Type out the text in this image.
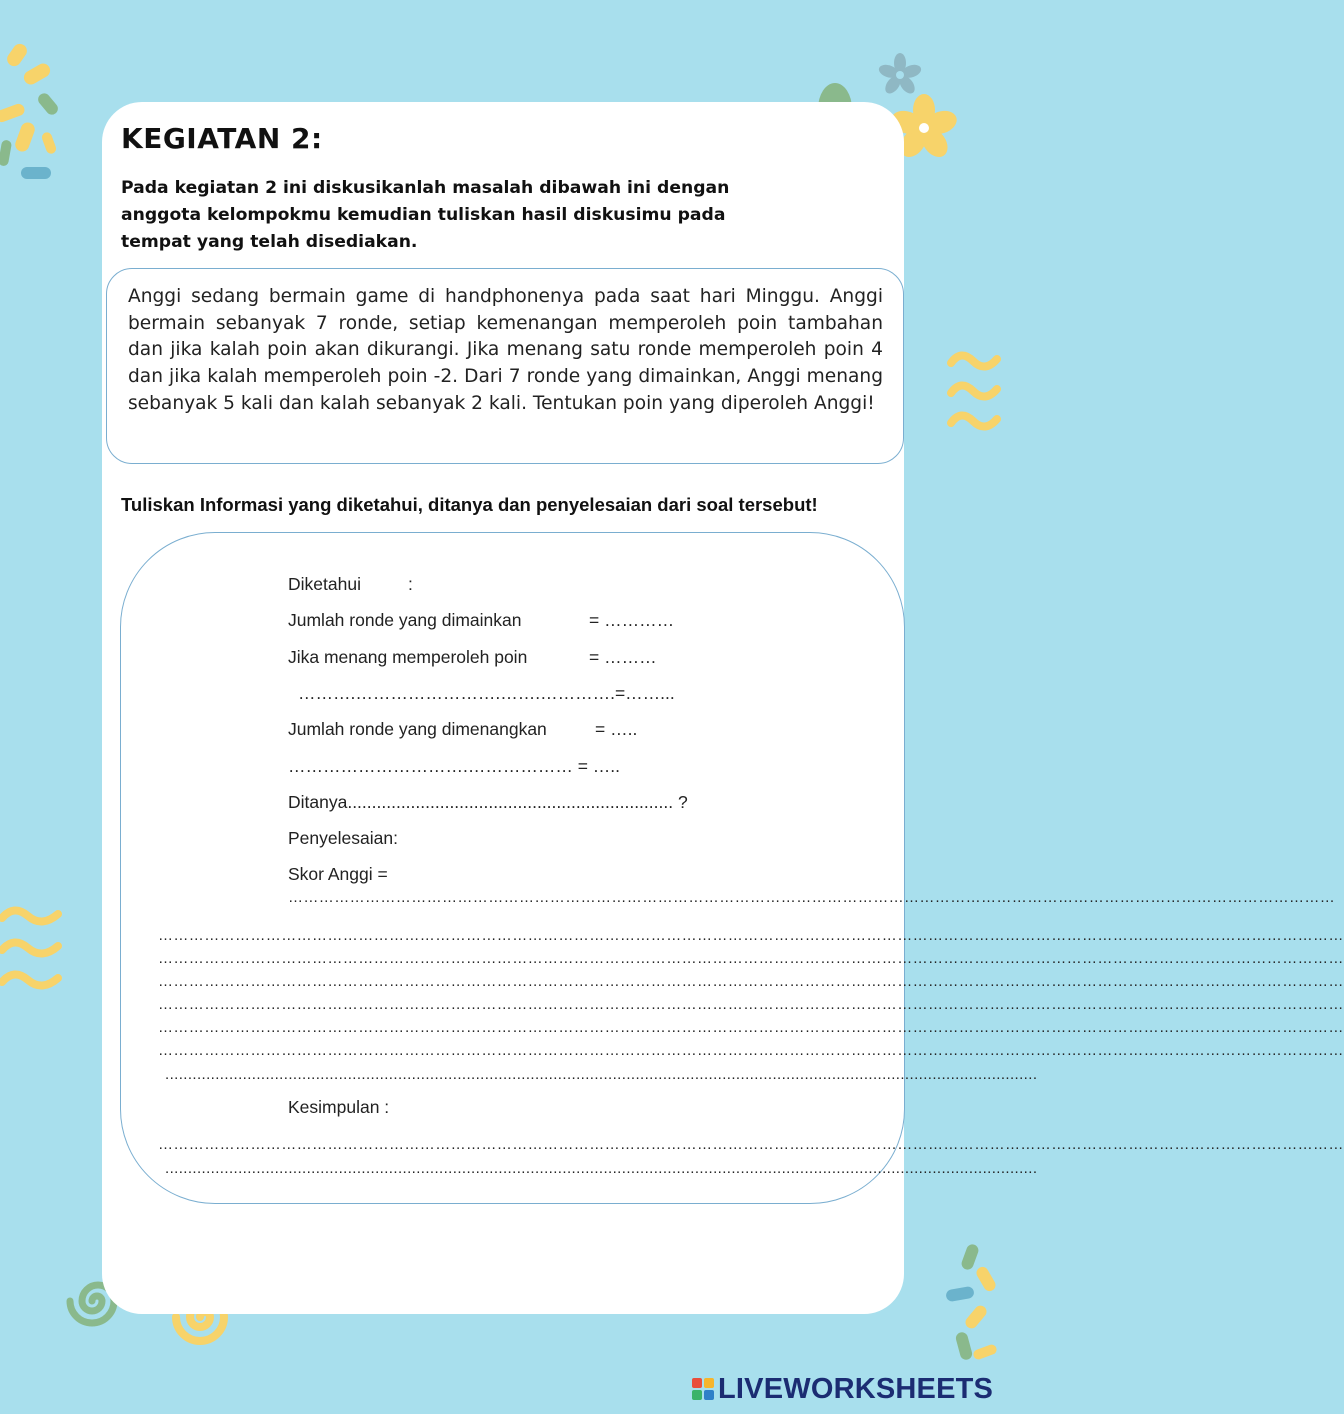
KEGIATAN 2:

Pada kegiatan 2 ini diskusikanlah masalah dibawah ini dengan anggota kelompokmu kemudian tuliskan hasil diskusimu pada tempat yang telah disediakan.

Anggi sedang bermain game di handphonenya pada saat hari Minggu. Anggi bermain sebanyak 7 ronde, setiap kemenangan memperoleh poin tambahan dan jika kalah poin akan dikurangi. Jika menang satu ronde memperoleh poin 4 dan jika kalah memperoleh poin -2. Dari 7 ronde yang dimainkan, Anggi menang sebanyak 5 kali dan kalah sebanyak 2 kali. Tentukan poin yang diperoleh Anggi!

Tuliskan Informasi yang diketahui, ditanya dan penyelesaian dari soal tersebut!

Diketahui	:
Jumlah ronde yang dimainkan	= …………
Jika menang memperoleh poin	= ………
……….…………………….…….………….=……...
Jumlah ronde yang dimenangkan	= …..
………………………….……………… = …..
Ditanya................................................................... ?
Penyelesaian:
Skor Anggi =
……………………………………………………………………………………………………………………………………………………………………………………
……………………………………………………………………………………………………………………………………………………………………………………………………………
……………………………………………………………………………………………………………………………………………………………………………………………………………
……………………………………………………………………………………………………………………………………………………………………………………………………………
……………………………………………………………………………………………………………………………………………………………………………………………………………
……………………………………………………………………………………………………………………………………………………………………………………………………………
……………………………………………………………………………………………………………………………………………………………………………………………………………
...............................................................................................................................................................................................
Kesimpulan :
……………………………………………………………………………………………………………………………………………………………………………………………………………
...............................................................................................................................................................................................
LIVEWORKSHEETS
